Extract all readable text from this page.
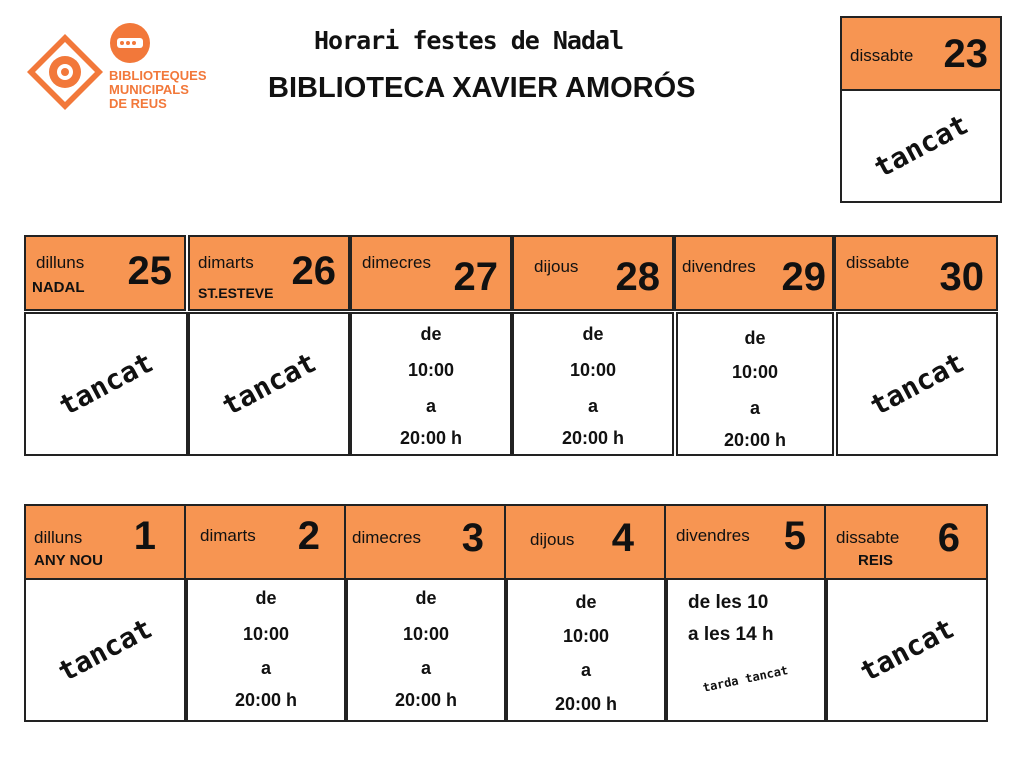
BIBLIOTEQUES
MUNICIPALS
DE REUS
Horari festes de Nadal
BIBLIOTECA XAVIER AMORÓS
dissabte 23
tancat
dilluns
NADAL 25
tancat
dimarts
ST.ESTEVE 26
tancat
dimecres 27
de
10:00
a
20:00 h
dijous 28
de
10:00
a
20:00 h
divendres 29
de
10:00
a
20:00 h
dissabte 30
tancat
dilluns
ANY NOU
1
tancat
dimarts 2
de
10:00
a
20:00 h
dimecres 3
de
10:00
a
20:00 h
dijous 4
de
10:00
a
20:00 h
divendres 5
de les 10
a les 14 h
tarda tancat
dissabte
REIS
6
tancat
